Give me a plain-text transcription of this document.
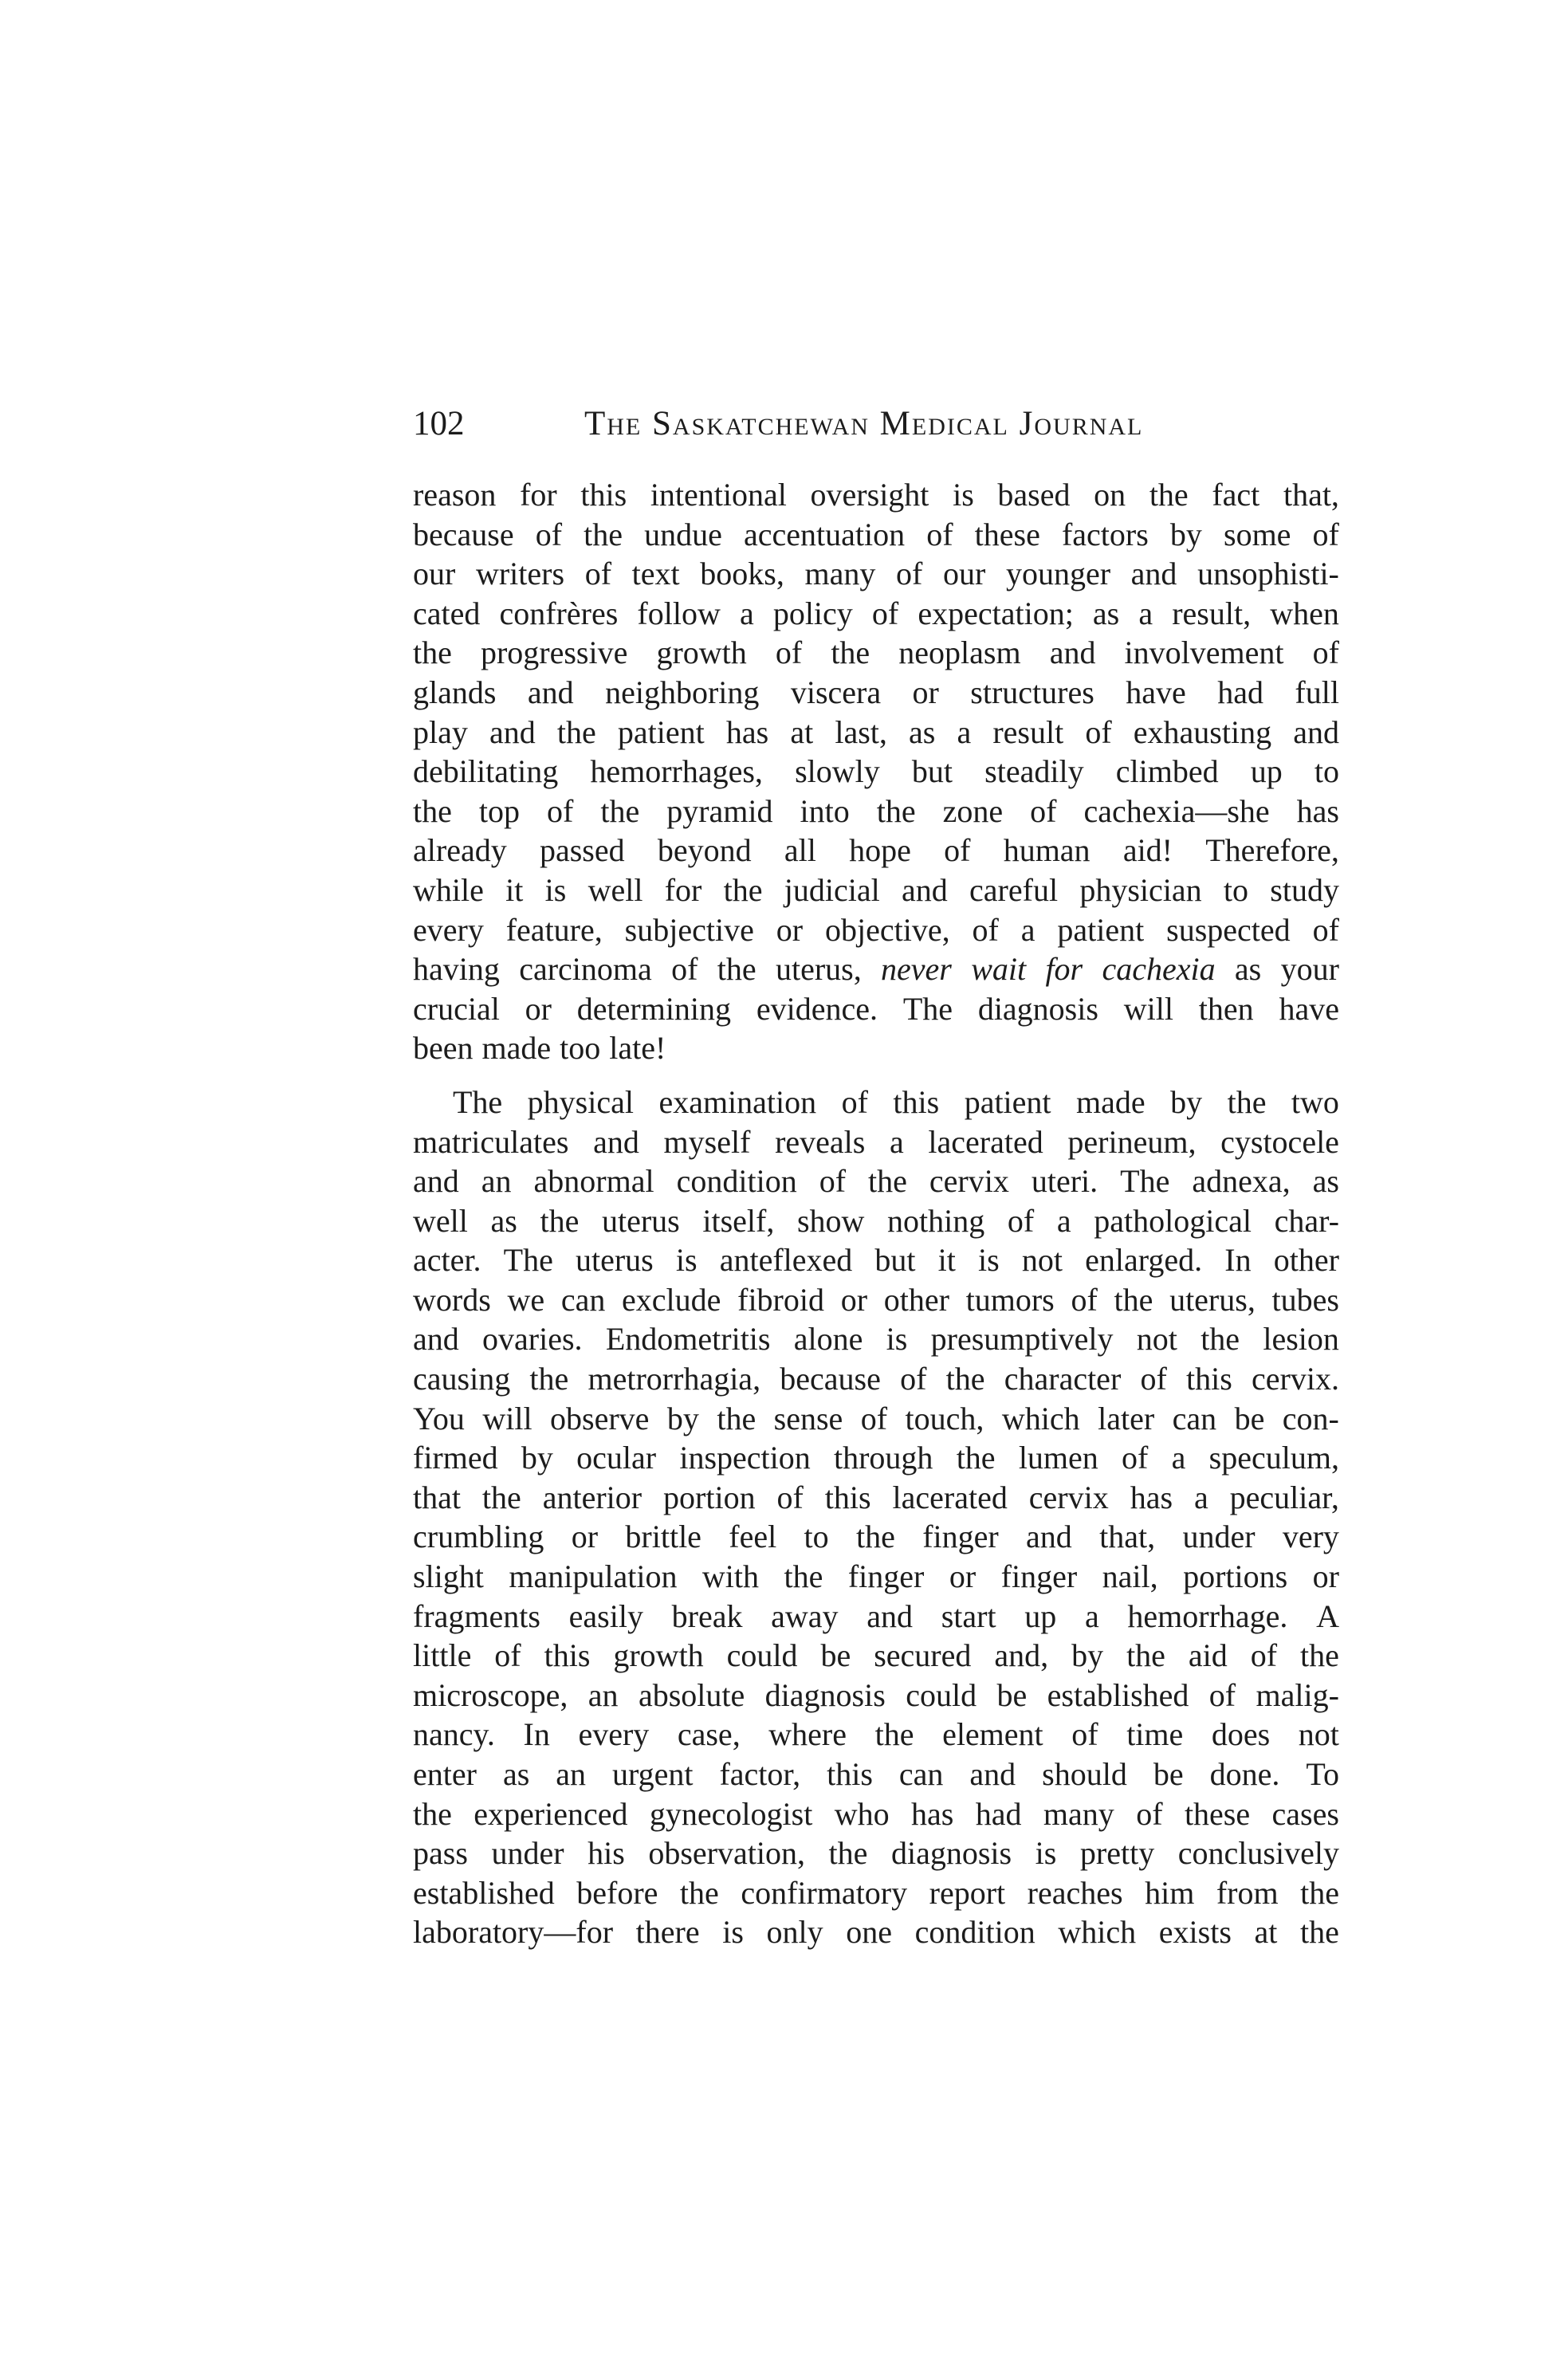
102	The Saskatchewan Medical Journal
reason for this intentional oversight is based on the fact that,
because of the undue accentuation of these factors by some of
our writers of text books, many of our younger and unsophisti-
cated confrères follow a policy of expectation; as a result, when
the progressive growth of the neoplasm and involvement of
glands and neighboring viscera or structures have had full
play and the patient has at last, as a result of exhausting and
debilitating hemorrhages, slowly but steadily climbed up to
the top of the pyramid into the zone of cachexia—she has
already passed beyond all hope of human aid! Therefore,
while it is well for the judicial and careful physician to study
every feature, subjective or objective, of a patient suspected of
having carcinoma of the uterus, never wait for cachexia as your
crucial or determining evidence. The diagnosis will then have
been made too late!
The physical examination of this patient made by the two
matriculates and myself reveals a lacerated perineum, cystocele
and an abnormal condition of the cervix uteri. The adnexa, as
well as the uterus itself, show nothing of a pathological char-
acter. The uterus is anteflexed but it is not enlarged. In other
words we can exclude fibroid or other tumors of the uterus, tubes
and ovaries. Endometritis alone is presumptively not the lesion
causing the metrorrhagia, because of the character of this cervix.
You will observe by the sense of touch, which later can be con-
firmed by ocular inspection through the lumen of a speculum,
that the anterior portion of this lacerated cervix has a peculiar,
crumbling or brittle feel to the finger and that, under very
slight manipulation with the finger or finger nail, portions or
fragments easily break away and start up a hemorrhage. A
little of this growth could be secured and, by the aid of the
microscope, an absolute diagnosis could be established of malig-
nancy. In every case, where the element of time does not
enter as an urgent factor, this can and should be done. To
the experienced gynecologist who has had many of these cases
pass under his observation, the diagnosis is pretty conclusively
established before the confirmatory report reaches him from the
laboratory—for there is only one condition which exists at the
